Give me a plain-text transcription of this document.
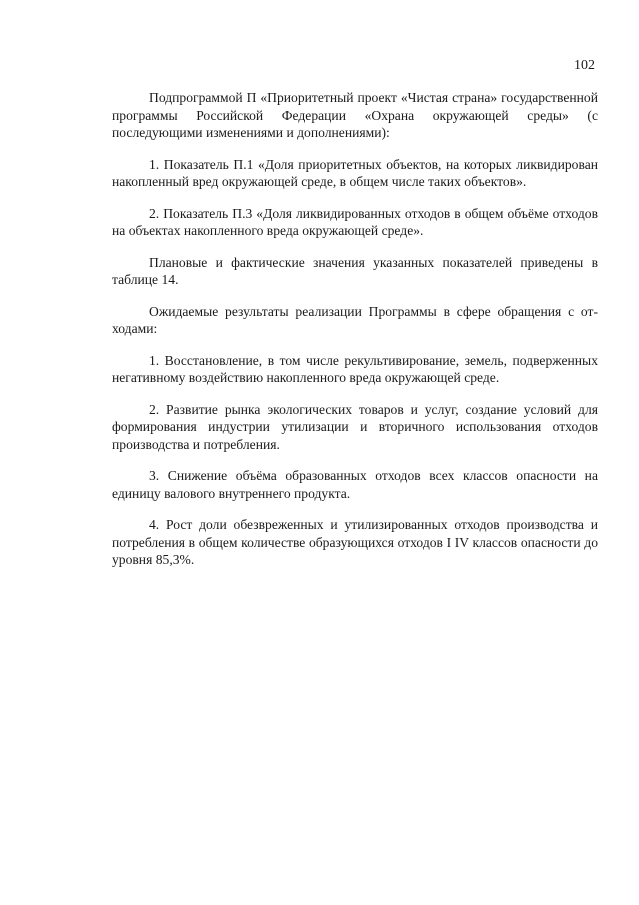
102

Подпрограммой П «Приоритетный проект «Чистая страна» государственной программы Российской Федерации «Охрана окружающей среды» (с последующими изменениями и дополнениями):

1. Показатель П.1 «Доля приоритетных объектов, на которых ликвидирован накопленный вред окружающей среде, в общем числе таких объектов».

2. Показатель П.3 «Доля ликвидированных отходов в общем объёме отходов на объектах накопленного вреда окружающей среде».

Плановые и фактические значения указанных показателей приведены в таблице 14.

Ожидаемые результаты реализации Программы в сфере обращения с отходами:

1. Восстановление, в том числе рекультивирование, земель, подверженных негативному воздействию накопленного вреда окружающей среде.

2. Развитие рынка экологических товаров и услуг, создание условий для формирования индустрии утилизации и вторичного использования отходов производства и потребления.

3. Снижение объёма образованных отходов всех классов опасности на единицу валового внутреннего продукта.

4. Рост доли обезвреженных и утилизированных отходов производства и потребления в общем количестве образующихся отходов I IV классов опасности до уровня 85,3%.
